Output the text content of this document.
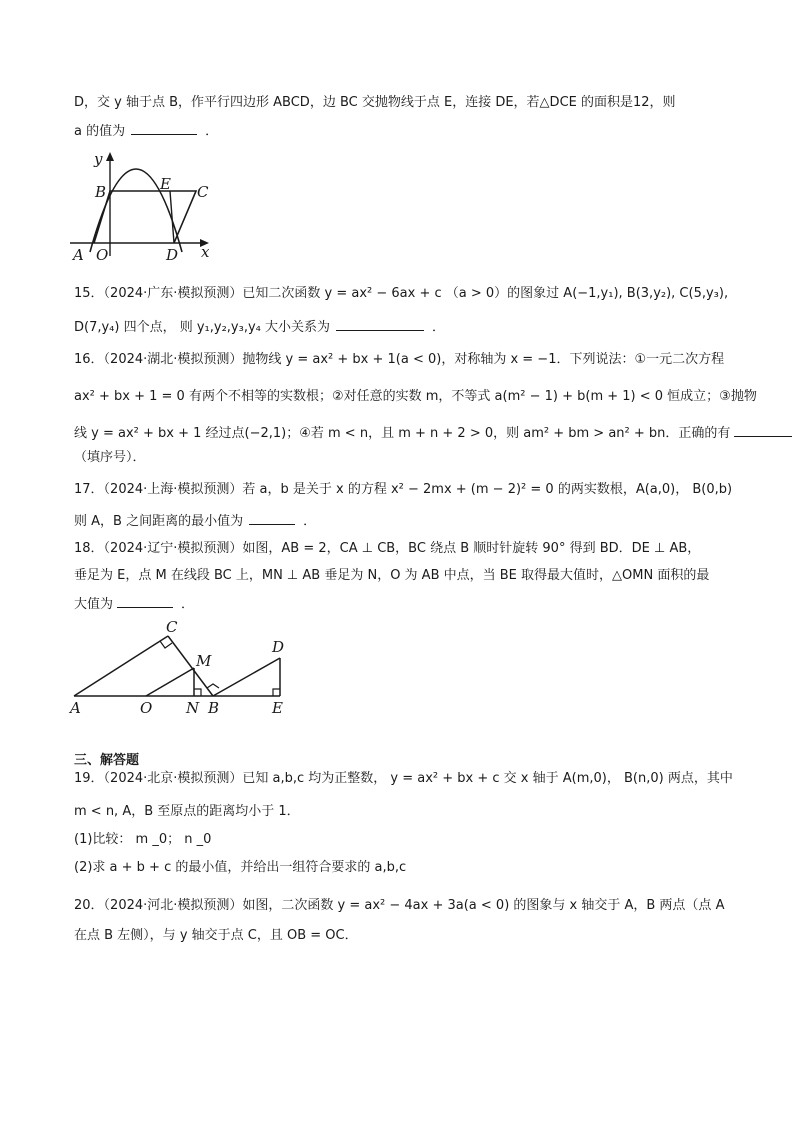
D，交 y 轴于点 B，作平行四边形 ABCD，边 BC 交抛物线于点 E，连接 DE，若△DCE 的面积是12，则
a 的值为	．
y
B	E C
A O	D x
15．（2024·广东·模拟预测）已知二次函数 y = ax² − 6ax + c （a > 0）的图象过 A(−1,y₁), B(3,y₂), C(5,y₃),
D(7,y₄) 四个点， 则 y₁,y₂,y₃,y₄ 大小关系为	．
16．（2024·湖北·模拟预测）抛物线 y = ax² + bx + 1(a < 0)，对称轴为 x = −1．下列说法：①一元二次方程
ax² + bx + 1 = 0 有两个不相等的实数根；②对任意的实数 m，不等式 a(m² − 1) + b(m + 1) < 0 恒成立；③抛物
线 y = ax² + bx + 1 经过点(−2,1)；④若 m < n，且 m + n + 2 > 0，则 am² + bm > an² + bn．正确的有
（填序号）．
17．（2024·上海·模拟预测）若 a，b 是关于 x 的方程 x² − 2mx + (m − 2)² = 0 的两实数根，A(a,0)， B(0,b)
则 A，B 之间距离的最小值为	．
18．（2024·辽宁·模拟预测）如图，AB = 2，CA ⊥ CB，BC 绕点 B 顺时针旋转 90° 得到 BD．DE ⊥ AB，
垂足为 E，点 M 在线段 BC 上，MN ⊥ AB 垂足为 N，O 为 AB 中点，当 BE 取得最大值时，△OMN 面积的最
大值为	．
C
M
D
A	O N B	E
三、解答题
19．（2024·北京·模拟预测）已知 a,b,c 均为正整数， y = ax² + bx + c 交 x 轴于 A(m,0)， B(n,0) 两点，其中
m < n, A，B 至原点的距离均小于 1．
(1)比较： m _0； n _0
(2)求 a + b + c 的最小值，并给出一组符合要求的 a,b,c
20．（2024·河北·模拟预测）如图，二次函数 y = ax² − 4ax + 3a(a < 0) 的图象与 x 轴交于 A，B 两点（点 A
在点 B 左侧），与 y 轴交于点 C，且 OB = OC．
